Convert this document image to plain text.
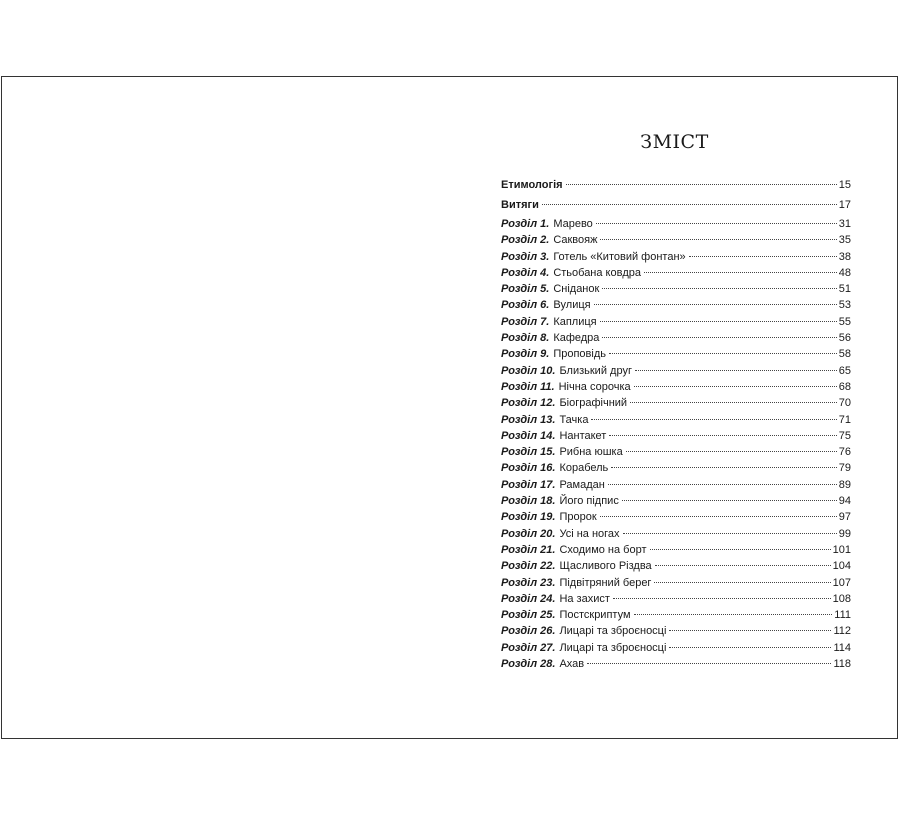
ЗМІСТ
Етимологія	15
Витяги	17
Розділ 1. Марево	31
Розділ 2. Саквояж	35
Розділ 3. Готель «Китовий фонтан»	38
Розділ 4. Стьобана ковдра	48
Розділ 5. Сніданок	51
Розділ 6. Вулиця	53
Розділ 7. Каплиця	55
Розділ 8. Кафедра	56
Розділ 9. Проповідь	58
Розділ 10. Близький друг	65
Розділ 11. Нічна сорочка	68
Розділ 12. Біографічний	70
Розділ 13. Тачка	71
Розділ 14. Нантакет	75
Розділ 15. Рибна юшка	76
Розділ 16. Корабель	79
Розділ 17. Рамадан	89
Розділ 18. Його підпис	94
Розділ 19. Пророк	97
Розділ 20. Усі на ногах	99
Розділ 21. Сходимо на борт	101
Розділ 22. Щасливого Різдва	104
Розділ 23. Підвітряний берег	107
Розділ 24. На захист	108
Розділ 25. Постскриптум	111
Розділ 26. Лицарі та зброєносці	112
Розділ 27. Лицарі та зброєносці	114
Розділ 28. Ахав	118
